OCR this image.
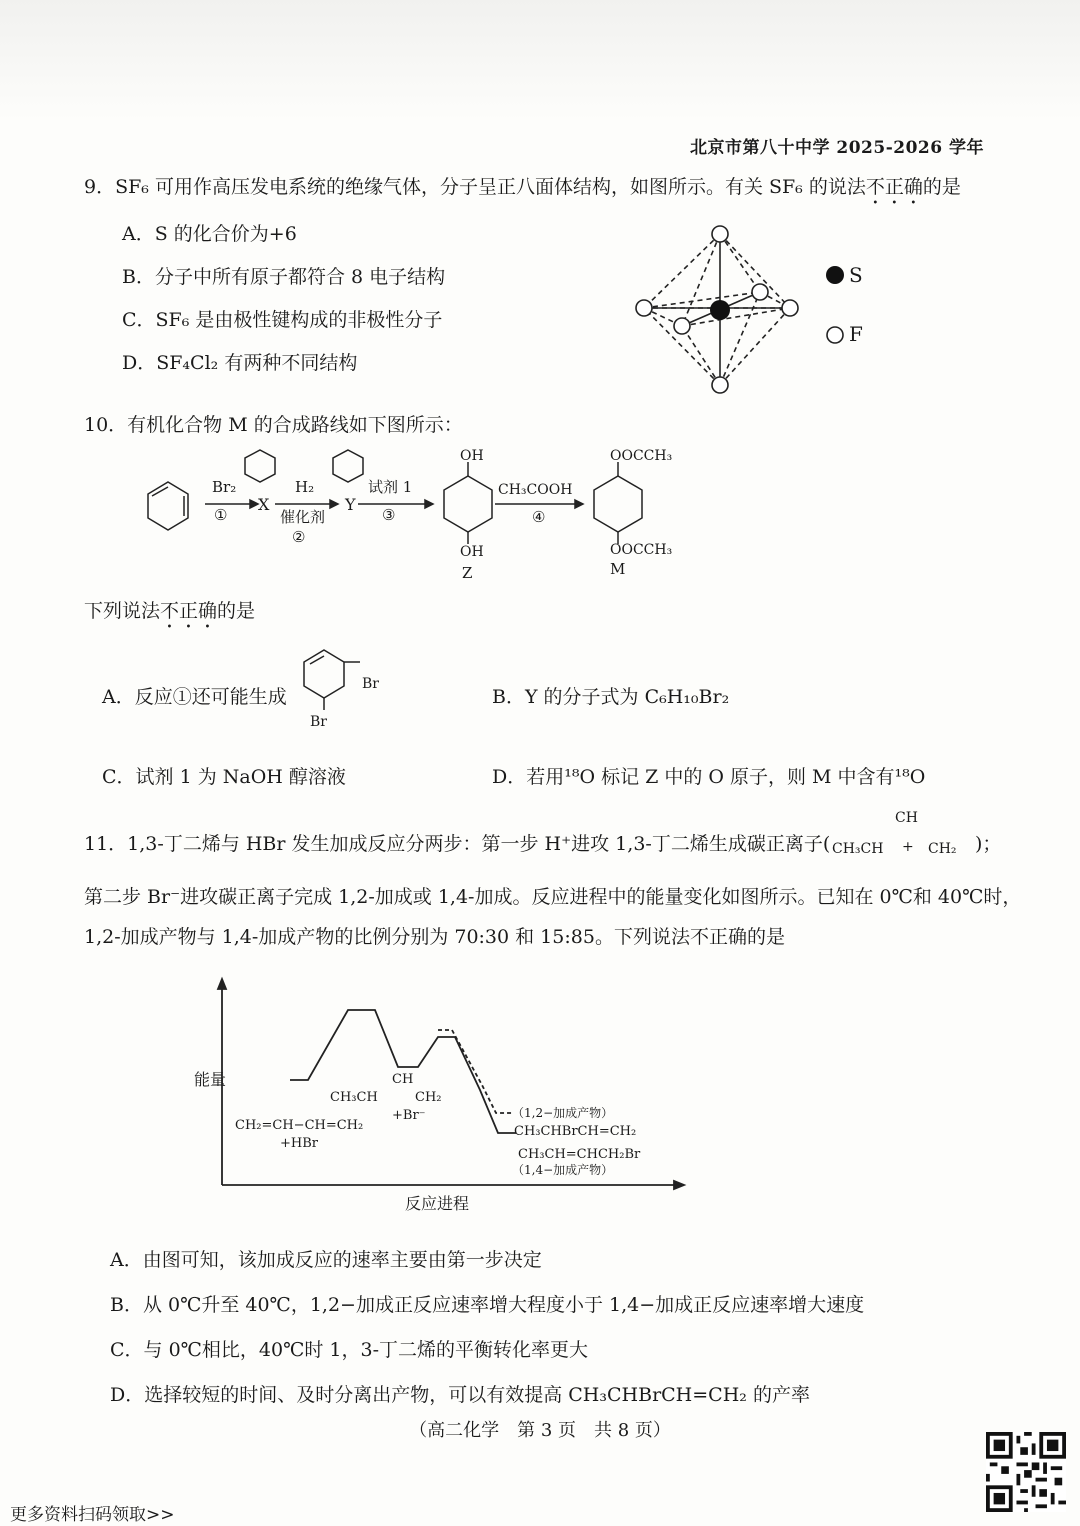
北京市第八十中学 2025-2026 学年
9．SF₆ 可用作高压发电系统的绝缘气体，分子呈正八面体结构，如图所示。有关 SF₆ 的说法不正确的是
A．S 的化合价为+6
B．分子中所有原子都符合 8 电子结构
C．SF₆ 是由极性键构成的非极性分子
D．SF₄Cl₂ 有两种不同结构
S
F
10．有机化合物 M 的合成路线如下图所示：
Br₂
①
X
H₂
催化剂
②
Y
试剂 1
③
OH
OH
Z
CH₃COOH
④
OOCCH₃
OOCCH₃
M
下列说法不正确的是
A．反应①还可能生成
Br
Br
B．Y 的分子式为 C₆H₁₀Br₂
C．试剂 1 为 NaOH 醇溶液	D．若用¹⁸O 标记 Z 中的 O 原子，则 M 中含有¹⁸O
11．1,3-丁二烯与 HBr 发生加成反应分两步：第一步 H⁺进攻 1,3-丁二烯生成碳正离子(
CH
CH₃CH + CH₂ )；
第二步 Br⁻进攻碳正离子完成 1,2-加成或 1,4-加成。反应进程中的能量变化如图所示。已知在 0℃和 40℃时，
1,2-加成产物与 1,4-加成产物的比例分别为 70:30 和 15:85。下列说法不正确的是
能量
反应进程
CH₂=CH−CH=CH₂
+HBr
CH₃CH
CH
CH₂
+Br⁻	（1,2−加成产物）
CH₃CHBrCH=CH₂
CH₃CH=CHCH₂Br
（1,4−加成产物）
A．由图可知，该加成反应的速率主要由第一步决定
B．从 0℃升至 40℃，1,2−加成正反应速率增大程度小于 1,4−加成正反应速率增大速度
C．与 0℃相比，40℃时 1，3-丁二烯的平衡转化率更大
D．选择较短的时间、及时分离出产物，可以有效提高 CH₃CHBrCH=CH₂ 的产率
（高二化学　第 3 页　共 8 页）
更多资料扫码领取>>
